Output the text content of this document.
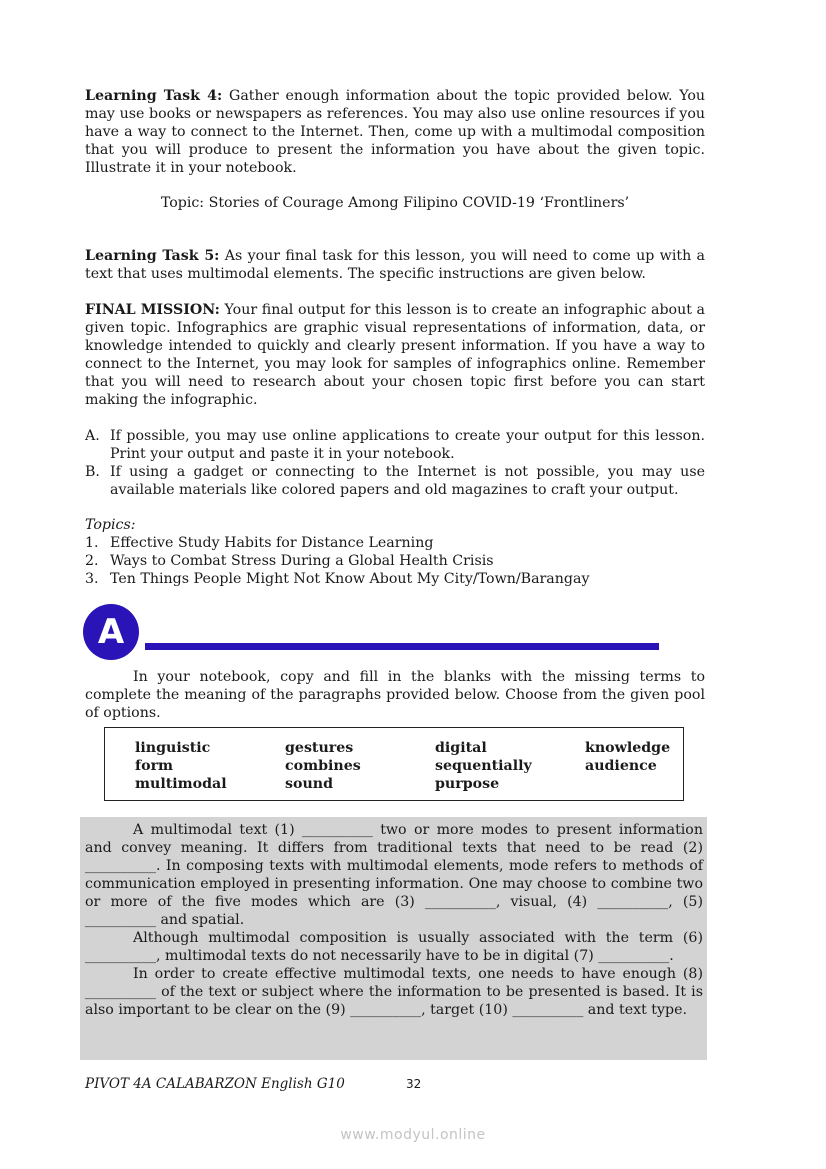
Learning Task 4: Gather enough information about the topic provided below. You may use books or newspapers as references. You may also use online resources if you have a way to connect to the Internet. Then, come up with a multimodal composition that you will produce to present the information you have about the given topic. Illustrate it in your notebook.

Topic: Stories of Courage Among Filipino COVID-19 ‘Frontliners’

Learning Task 5: As your final task for this lesson, you will need to come up with a text that uses multimodal elements. The specific instructions are given below.

FINAL MISSION: Your final output for this lesson is to create an infographic about a given topic. Infographics are graphic visual representations of information, data, or knowledge intended to quickly and clearly present information. If you have a way to connect to the Internet, you may look for samples of infographics online. Remember that you will need to research about your chosen topic first before you can start making the infographic.

A. If possible, you may use online applications to create your output for this lesson. Print your output and paste it in your notebook.
B. If using a gadget or connecting to the Internet is not possible, you may use available materials like colored papers and old magazines to craft your output.
Topics:
1. Effective Study Habits for Distance Learning
2. Ways to Combat Stress During a Global Health Crisis
3. Ten Things People Might Not Know About My City/Town/Barangay
A

In your notebook, copy and fill in the blanks with the missing terms to complete the meaning of the paragraphs provided below. Choose from the given pool of options.

linguistic	gestures	digital	knowledge
form	combines	sequentially	audience
multimodal	sound	purpose

A multimodal text (1) __________ two or more modes to present information and convey meaning. It differs from traditional texts that need to be read (2) __________. In composing texts with multimodal elements, mode refers to methods of communication employed in presenting information. One may choose to combine two or more of the five modes which are (3) __________, visual, (4) __________, (5) __________ and spatial.

Although multimodal composition is usually associated with the term (6) __________, multimodal texts do not necessarily have to be in digital (7) __________.

In order to create effective multimodal texts, one needs to have enough (8) __________ of the text or subject where the information to be presented is based. It is also important to be clear on the (9) __________, target (10) __________ and text type.

PIVOT 4A CALABARZON English G10	32
www.modyul.online
